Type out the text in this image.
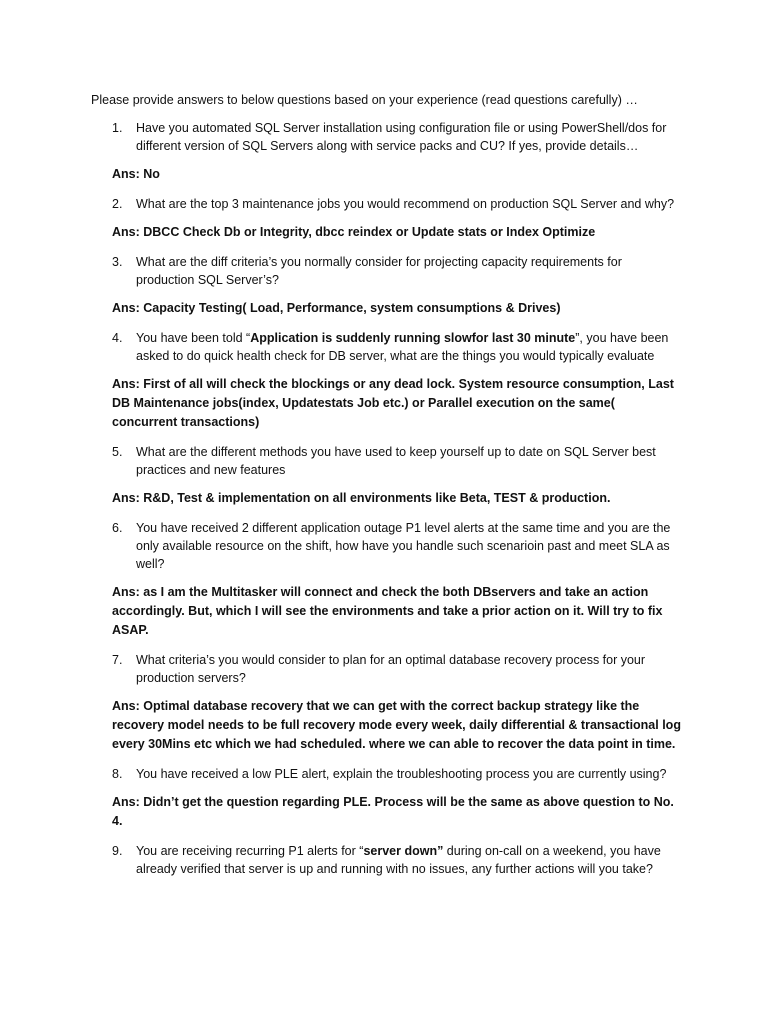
Please provide answers to below questions based on your experience (read questions carefully) …

1.	Have you automated SQL Server installation using configuration file or using PowerShell/dos for different version of SQL Servers along with service packs and CU? If yes, provide details…

Ans: No

2.	What are the top 3 maintenance jobs you would recommend on production SQL Server and why?

Ans: DBCC Check Db or Integrity, dbcc reindex or Update stats or Index Optimize

3.	What are the diff criteria’s you normally consider for projecting capacity requirements for production SQL Server’s?

Ans: Capacity Testing( Load, Performance, system consumptions & Drives)

4.	You have been told “Application is suddenly running slowfor last 30 minute”, you have been asked to do quick health check for DB server, what are the things you would typically evaluate

Ans: First of all will check the blockings or any dead lock. System resource consumption, Last DB Maintenance jobs(index, Updatestats Job etc.) or Parallel execution on the same( concurrent transactions)

5.	What are the different methods you have used to keep yourself up to date on SQL Server best practices and new features

Ans: R&D, Test & implementation on all environments like Beta, TEST & production.

6.	You have received 2 different application outage P1 level alerts at the same time and you are the only available resource on the shift, how have you handle such scenarioin past and meet SLA as well?

Ans: as I am the Multitasker will connect and check the both DBservers and take an action accordingly. But, which I will see the environments and take a prior action on it. Will try to fix ASAP.

7.	What criteria’s you would consider to plan for an optimal database recovery process for your production servers?

Ans: Optimal database recovery that we can get with the correct backup strategy like the recovery model needs to be full recovery mode every week, daily differential & transactional log every 30Mins etc which we had scheduled. where we can able to recover the data point in time.

8.	You have received a low PLE alert, explain the troubleshooting process you are currently using?

Ans: Didn’t get the question regarding PLE. Process will be the same as above question to No. 4.

9.	You are receiving recurring P1 alerts for “server down” during on-call on a weekend, you have already verified that server is up and running with no issues, any further actions will you take?
